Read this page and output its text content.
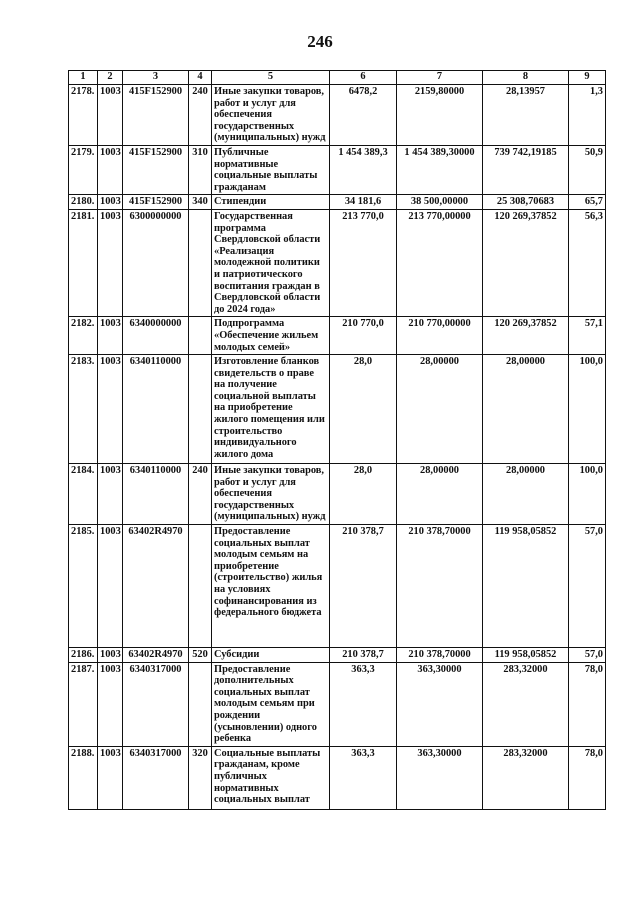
246
1	2	3	4	5	6	7	8	9
2178.	1003	415F152900	240	Иные закупки товаров, работ и услуг для обеспечения государственных (муниципальных) нужд	6478,2	2159,80000	28,13957	1,3
2179.	1003	415F152900	310	Публичные нормативные социальные выплаты гражданам	1 454 389,3	1 454 389,30000	739 742,19185	50,9
2180.	1003	415F152900	340	Стипендии	34 181,6	38 500,00000	25 308,70683	65,7
2181.	1003	6300000000		Государственная программа Свердловской области «Реализация молодежной политики и патриотического воспитания граждан в Свердловской области до 2024 года»	213 770,0	213 770,00000	120 269,37852	56,3
2182.	1003	6340000000		Подпрограмма «Обеспечение жильем молодых семей»	210 770,0	210 770,00000	120 269,37852	57,1
2183.	1003	6340110000		Изготовление бланков свидетельств о праве на получение социальной выплаты на приобретение жилого помещения или строительство индивидуального жилого дома	28,0	28,00000	28,00000	100,0
2184.	1003	6340110000	240	Иные закупки товаров, работ и услуг для обеспечения государственных (муниципальных) нужд	28,0	28,00000	28,00000	100,0
2185.	1003	63402R4970		Предоставление социальных выплат молодым семьям на приобретение (строительство) жилья на условиях софинансирования из федерального бюджета	210 378,7	210 378,70000	119 958,05852	57,0
2186.	1003	63402R4970	520	Субсидии	210 378,7	210 378,70000	119 958,05852	57,0
2187.	1003	6340317000		Предоставление дополнительных социальных выплат молодым семьям при рождении (усыновлении) одного ребенка	363,3	363,30000	283,32000	78,0
2188.	1003	6340317000	320	Социальные выплаты гражданам, кроме публичных нормативных социальных выплат	363,3	363,30000	283,32000	78,0
